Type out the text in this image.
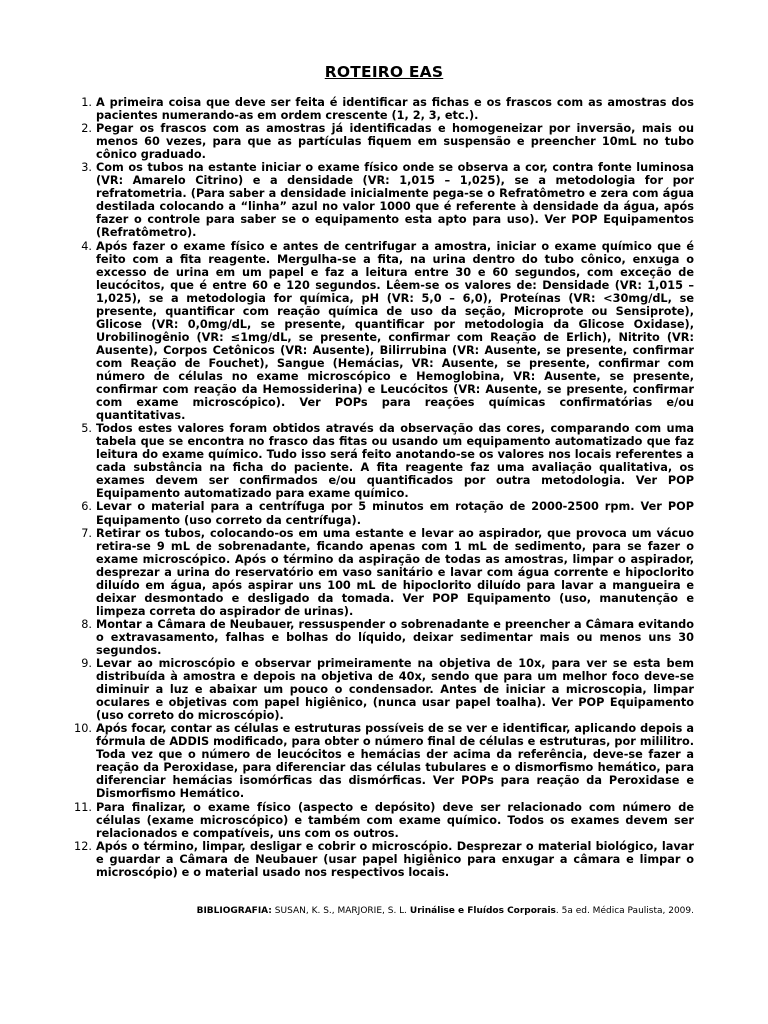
ROTEIRO EAS
1. A primeira coisa que deve ser feita é identificar as fichas e os frascos com as amostras dos pacientes numerando-as em ordem crescente (1, 2, 3, etc.).
2. Pegar os frascos com as amostras já identificadas e homogeneizar por inversão, mais ou menos 60 vezes, para que as partículas fiquem em suspensão e preencher 10mL no tubo cônico graduado.
3. Com os tubos na estante iniciar o exame físico onde se observa a cor, contra fonte luminosa (VR: Amarelo Citrino) e a densidade (VR: 1,015 – 1,025), se a metodologia for por refratometria. (Para saber a densidade inicialmente pega-se o Refratômetro e zera com água destilada colocando a “linha” azul no valor 1000 que é referente à densidade da água, após fazer o controle para saber se o equipamento esta apto para uso). Ver POP Equipamentos (Refratômetro).
4. Após fazer o exame físico e antes de centrifugar a amostra, iniciar o exame químico que é feito com a fita reagente. Mergulha-se a fita, na urina dentro do tubo cônico, enxuga o excesso de urina em um papel e faz a leitura entre 30 e 60 segundos, com exceção de leucócitos, que é entre 60 e 120 segundos. Lêem-se os valores de: Densidade (VR: 1,015 – 1,025), se a metodologia for química, pH (VR: 5,0 – 6,0), Proteínas (VR: <30mg/dL, se presente, quantificar com reação química de uso da seção, Microprote ou Sensiprote), Glicose (VR: 0,0mg/dL, se presente, quantificar por metodologia da Glicose Oxidase), Urobilinogênio (VR: ≤1mg/dL, se presente, confirmar com Reação de Erlich), Nitrito (VR: Ausente), Corpos Cetônicos (VR: Ausente), Bilirrubina (VR: Ausente, se presente, confirmar com Reação de Fouchet), Sangue (Hemácias, VR: Ausente, se presente, confirmar com número de células no exame microscópico e Hemoglobina, VR: Ausente, se presente, confirmar com reação da Hemossiderina) e Leucócitos (VR: Ausente, se presente, confirmar com exame microscópico). Ver POPs para reações químicas confirmatórias e/ou quantitativas.
5. Todos estes valores foram obtidos através da observação das cores, comparando com uma tabela que se encontra no frasco das fitas ou usando um equipamento automatizado que faz leitura do exame químico. Tudo isso será feito anotando-se os valores nos locais referentes a cada substância na ficha do paciente. A fita reagente faz uma avaliação qualitativa, os exames devem ser confirmados e/ou quantificados por outra metodologia. Ver POP Equipamento automatizado para exame químico.
6. Levar o material para a centrífuga por 5 minutos em rotação de 2000-2500 rpm. Ver POP Equipamento (uso correto da centrífuga).
7. Retirar os tubos, colocando-os em uma estante e levar ao aspirador, que provoca um vácuo retira-se 9 mL de sobrenadante, ficando apenas com 1 mL de sedimento, para se fazer o exame microscópico. Após o término da aspiração de todas as amostras, limpar o aspirador, desprezar a urina do reservatório em vaso sanitário e lavar com água corrente e hipoclorito diluído em água, após aspirar uns 100 mL de hipoclorito diluído para lavar a mangueira e deixar desmontado e desligado da tomada. Ver POP Equipamento (uso, manutenção e limpeza correta do aspirador de urinas).
8. Montar a Câmara de Neubauer, ressuspender o sobrenadante e preencher a Câmara evitando o extravasamento, falhas e bolhas do líquido, deixar sedimentar mais ou menos uns 30 segundos.
9. Levar ao microscópio e observar primeiramente na objetiva de 10x, para ver se esta bem distribuída à amostra e depois na objetiva de 40x, sendo que para um melhor foco deve-se diminuir a luz e abaixar um pouco o condensador. Antes de iniciar a microscopia, limpar oculares e objetivas com papel higiênico, (nunca usar papel toalha). Ver POP Equipamento (uso correto do microscópio).
10. Após focar, contar as células e estruturas possíveis de se ver e identificar, aplicando depois a fórmula de ADDIS modificado, para obter o número final de células e estruturas, por mililitro. Toda vez que o número de leucócitos e hemácias der acima da referência, deve-se fazer a reação da Peroxidase, para diferenciar das células tubulares e o dismorfismo hemático, para diferenciar hemácias isomórficas das dismórficas. Ver POPs para reação da Peroxidase e Dismorfismo Hemático.
11. Para finalizar, o exame físico (aspecto e depósito) deve ser relacionado com número de células (exame microscópico) e também com exame químico. Todos os exames devem ser relacionados e compatíveis, uns com os outros.
12. Após o término, limpar, desligar e cobrir o microscópio. Desprezar o material biológico, lavar e guardar a Câmara de Neubauer (usar papel higiênico para enxugar a câmara e limpar o microscópio) e o material usado nos respectivos locais.
BIBLIOGRAFIA: SUSAN, K. S., MARJORIE, S. L. Urinálise e Fluídos Corporais. 5a ed. Médica Paulista, 2009.
